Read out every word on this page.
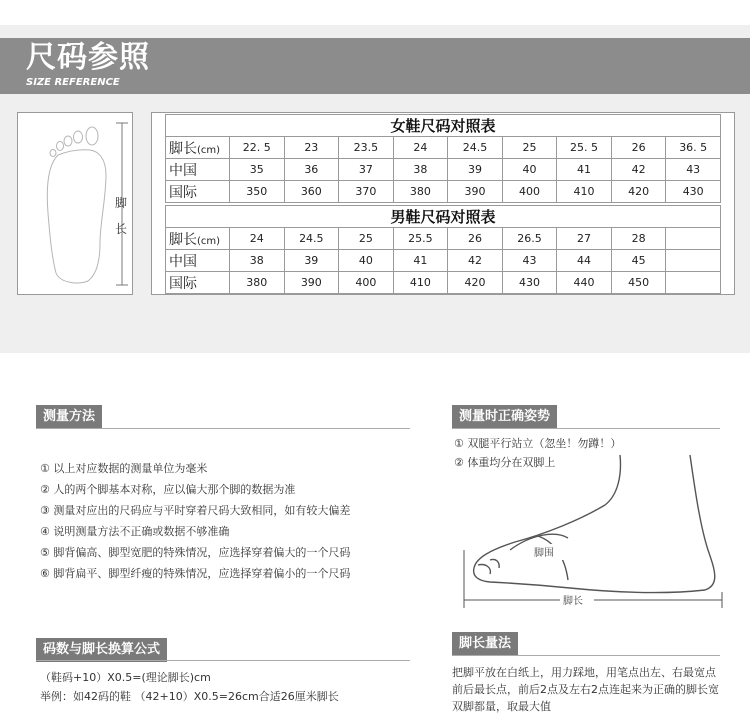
尺码参照
SIZE REFERENCE
脚长
女鞋尺码对照表									
脚长(cm)	22. 5	23	23.5	24	24.5	25	25. 5	26	36. 5
中国	35	36	37	38	39	40	41	42	43
国际	350	360	370	380	390	400	410	420	430
男鞋尺码对照表									
脚长(cm)	24	24.5	25	25.5	26	26.5	27	28	
中国	38	39	40	41	42	43	44	45	
国际	380	390	400	410	420	430	440	450	
测量方法
① 以上对应数据的测量单位为毫米
② 人的两个脚基本对称，应以偏大那个脚的数据为准
③ 测量对应出的尺码应与平时穿着尺码大致相同，如有较大偏差
④ 说明测量方法不正确或数据不够准确
⑤ 脚背偏高、脚型宽肥的特殊情况，应选择穿着偏大的一个尺码
⑥ 脚背扁平、脚型纤瘦的特殊情况，应选择穿着偏小的一个尺码
测量时正确姿势
① 双腿平行站立（忽坐！勿蹲！）
② 体重均分在双脚上
脚围
脚长
码数与脚长换算公式
（鞋码+10）X0.5=(理论脚长)cm
举例：如42码的鞋 （42+10）X0.5=26cm合适26厘米脚长
脚长量法
把脚平放在白纸上，用力踩地，用笔点出左、右最宽点前后最长点，前后2点及左右2点连起来为正确的脚长宽双脚都量，取最大值
